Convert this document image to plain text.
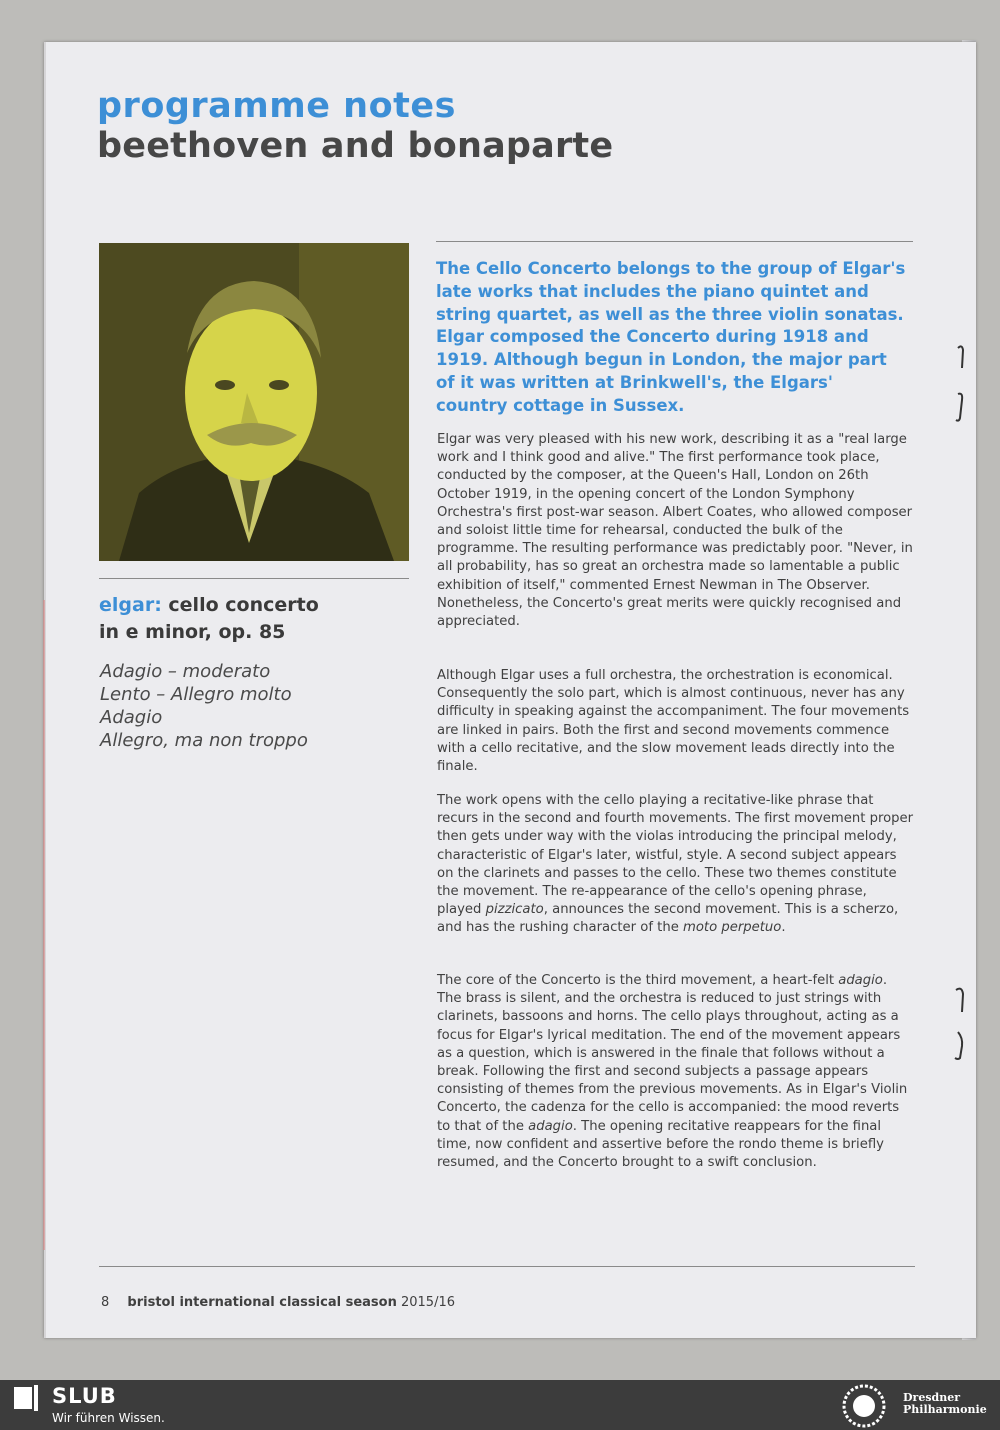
programme notes
beethoven and bonaparte
elgar: cello concerto
in e minor, op. 85
Adagio – moderato
Lento – Allegro molto
Adagio
Allegro, ma non troppo

The Cello Concerto belongs to the group of Elgar's late works that includes the piano quintet and string quartet, as well as the three violin sonatas. Elgar composed the Concerto during 1918 and 1919. Although begun in London, the major part of it was written at Brinkwell's, the Elgars' country cottage in Sussex.

Elgar was very pleased with his new work, describing it as a "real large work and I think good and alive." The first performance took place, conducted by the composer, at the Queen's Hall, London on 26th October 1919, in the opening concert of the London Symphony Orchestra's first post-war season. Albert Coates, who allowed composer and soloist little time for rehearsal, conducted the bulk of the programme. The resulting performance was predictably poor. "Never, in all probability, has so great an orchestra made so lamentable a public exhibition of itself," commented Ernest Newman in The Observer. Nonetheless, the Concerto's great merits were quickly recognised and appreciated.

Although Elgar uses a full orchestra, the orchestration is economical. Consequently the solo part, which is almost continuous, never has any difficulty in speaking against the accompaniment. The four movements are linked in pairs. Both the first and second movements commence with a cello recitative, and the slow movement leads directly into the finale.

The work opens with the cello playing a recitative-like phrase that recurs in the second and fourth movements. The first movement proper then gets under way with the violas introducing the principal melody, characteristic of Elgar's later, wistful, style. A second subject appears on the clarinets and passes to the cello. These two themes constitute the movement. The re-appearance of the cello's opening phrase, played pizzicato, announces the second movement. This is a scherzo, and has the rushing character of the moto perpetuo.

The core of the Concerto is the third movement, a heart-felt adagio. The brass is silent, and the orchestra is reduced to just strings with clarinets, bassoons and horns. The cello plays throughout, acting as a focus for Elgar's lyrical meditation. The end of the movement appears as a question, which is answered in the finale that follows without a break. Following the first and second subjects a passage appears consisting of themes from the previous movements. As in Elgar's Violin Concerto, the cadenza for the cello is accompanied: the mood reverts to that of the adagio. The opening recitative reappears for the final time, now confident and assertive before the rondo theme is briefly resumed, and the Concerto brought to a swift conclusion.

8 bristol international classical season 2015/16
SLUB
Wir führen Wissen.
Dresdner
Philharmonie
